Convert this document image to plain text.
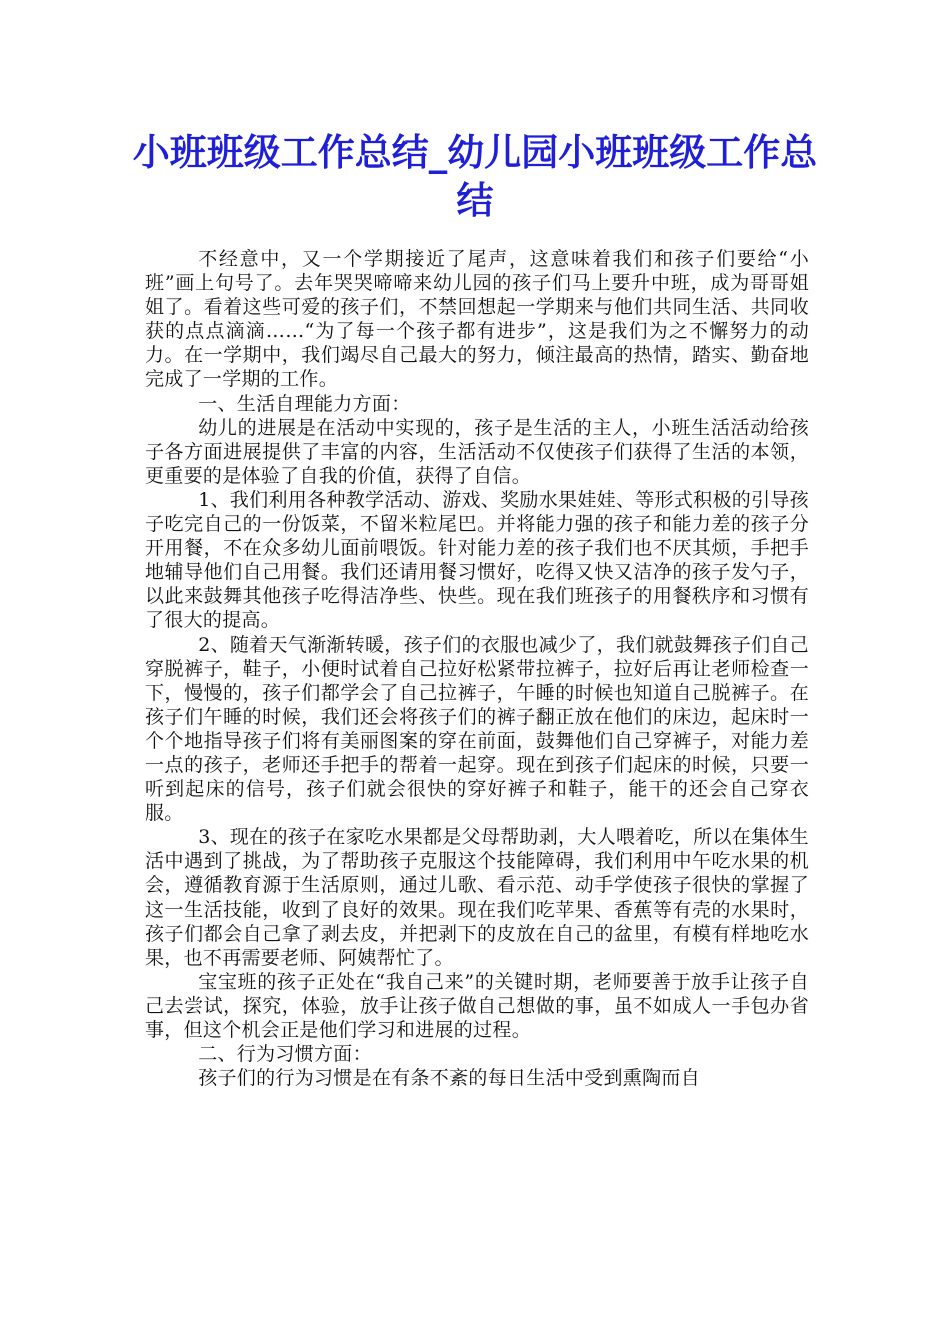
小班班级工作总结_幼儿园小班班级工作总结

不经意中，又一个学期接近了尾声，这意味着我们和孩子们要给“小班”画上句号了。去年哭哭啼啼来幼儿园的孩子们马上要升中班，成为哥哥姐姐了。看着这些可爱的孩子们，不禁回想起一学期来与他们共同生活、共同收获的点点滴滴……“为了每一个孩子都有进步”，这是我们为之不懈努力的动力。在一学期中，我们竭尽自己最大的努力，倾注最高的热情，踏实、勤奋地完成了一学期的工作。

一、生活自理能力方面：

幼儿的进展是在活动中实现的，孩子是生活的主人，小班生活活动给孩子各方面进展提供了丰富的内容，生活活动不仅使孩子们获得了生活的本领，更重要的是体验了自我的价值，获得了自信。

1、我们利用各种教学活动、游戏、奖励水果娃娃、等形式积极的引导孩子吃完自己的一份饭菜，不留米粒尾巴。并将能力强的孩子和能力差的孩子分开用餐，不在众多幼儿面前喂饭。针对能力差的孩子我们也不厌其烦，手把手地辅导他们自己用餐。我们还请用餐习惯好，吃得又快又洁净的孩子发勺子，以此来鼓舞其他孩子吃得洁净些、快些。现在我们班孩子的用餐秩序和习惯有了很大的提高。

2、随着天气渐渐转暖，孩子们的衣服也减少了，我们就鼓舞孩子们自己穿脱裤子，鞋子，小便时试着自己拉好松紧带拉裤子，拉好后再让老师检查一下，慢慢的，孩子们都学会了自己拉裤子，午睡的时候也知道自己脱裤子。在孩子们午睡的时候，我们还会将孩子们的裤子翻正放在他们的床边，起床时一个个地指导孩子们将有美丽图案的穿在前面，鼓舞他们自己穿裤子，对能力差一点的孩子，老师还手把手的帮着一起穿。现在到孩子们起床的时候，只要一听到起床的信号，孩子们就会很快的穿好裤子和鞋子，能干的还会自己穿衣服。

3、现在的孩子在家吃水果都是父母帮助剥，大人喂着吃，所以在集体生活中遇到了挑战，为了帮助孩子克服这个技能障碍，我们利用中午吃水果的机会，遵循教育源于生活原则，通过儿歌、看示范、动手学使孩子很快的掌握了这一生活技能，收到了良好的效果。现在我们吃苹果、香蕉等有壳的水果时，孩子们都会自己拿了剥去皮，并把剥下的皮放在自己的盆里，有模有样地吃水果，也不再需要老师、阿姨帮忙了。

宝宝班的孩子正处在“我自己来”的关键时期，老师要善于放手让孩子自己去尝试，探究，体验，放手让孩子做自己想做的事，虽不如成人一手包办省事，但这个机会正是他们学习和进展的过程。

二、行为习惯方面：

孩子们的行为习惯是在有条不紊的每日生活中受到熏陶而自
